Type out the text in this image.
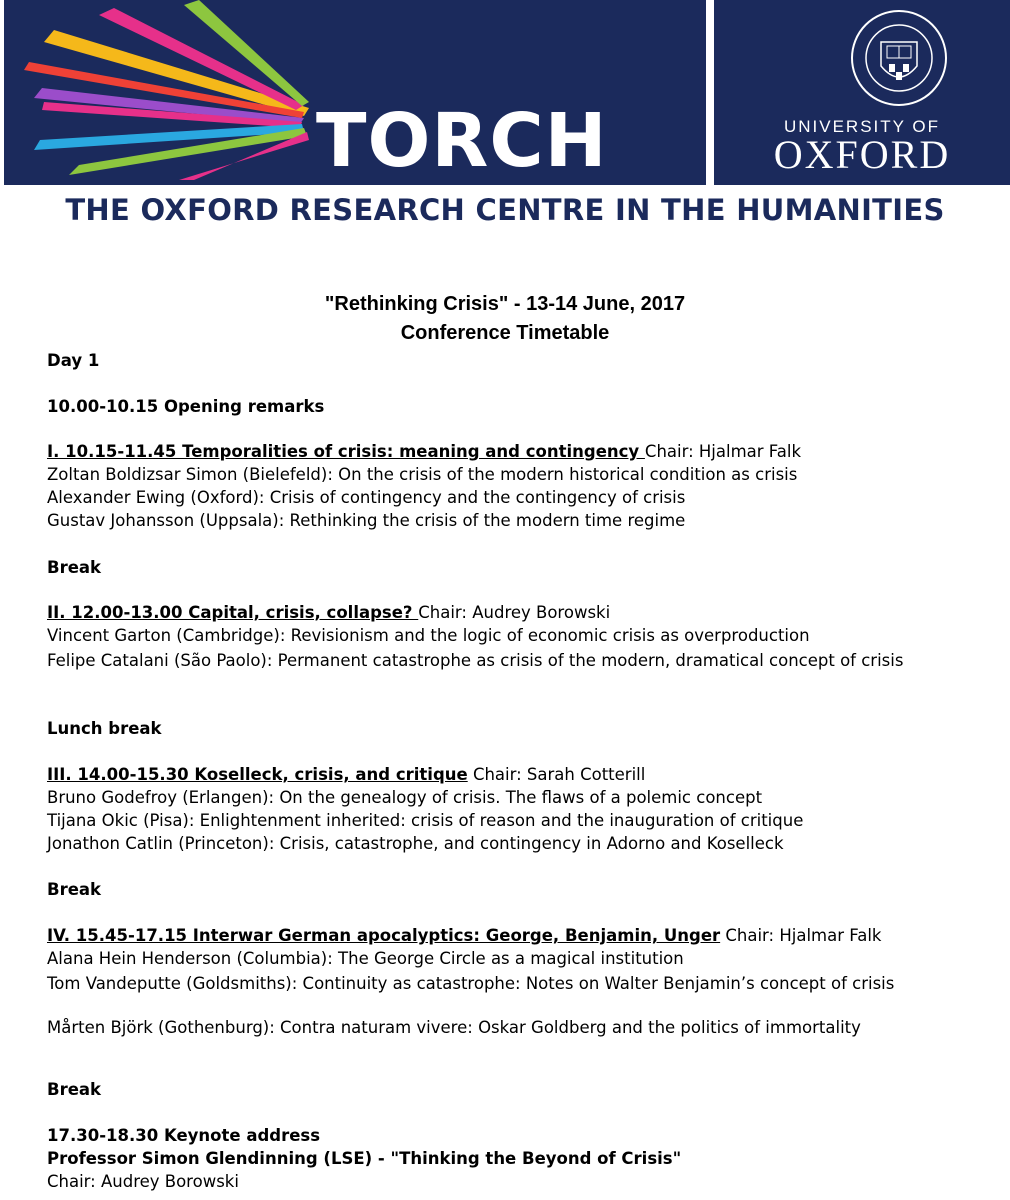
TORCH	UNIVERSITY OF
OXFORD
THE OXFORD RESEARCH CENTRE IN THE HUMANITIES
"Rethinking Crisis" - 13-14 June, 2017
Conference Timetable
Day 1
10.00-10.15 Opening remarks
I. 10.15-11.45 Temporalities of crisis: meaning and contingency Chair: Hjalmar Falk
Zoltan Boldizsar Simon (Bielefeld): On the crisis of the modern historical condition as crisis
Alexander Ewing (Oxford): Crisis of contingency and the contingency of crisis
Gustav Johansson (Uppsala): Rethinking the crisis of the modern time regime
Break
II. 12.00-13.00 Capital, crisis, collapse? Chair: Audrey Borowski
Vincent Garton (Cambridge): Revisionism and the logic of economic crisis as overproduction
Felipe Catalani (São Paolo): Permanent catastrophe as crisis of the modern, dramatical concept of crisis
Lunch break
III. 14.00-15.30 Koselleck, crisis, and critique Chair: Sarah Cotterill
Bruno Godefroy (Erlangen): On the genealogy of crisis. The flaws of a polemic concept
Tijana Okic (Pisa): Enlightenment inherited: crisis of reason and the inauguration of critique
Jonathon Catlin (Princeton): Crisis, catastrophe, and contingency in Adorno and Koselleck
Break
IV. 15.45-17.15 Interwar German apocalyptics: George, Benjamin, Unger Chair: Hjalmar Falk
Alana Hein Henderson (Columbia): The George Circle as a magical institution
Tom Vandeputte (Goldsmiths): Continuity as catastrophe: Notes on Walter Benjamin’s concept of crisis
Mårten Björk (Gothenburg): Contra naturam vivere: Oskar Goldberg and the politics of immortality
Break
17.30-18.30 Keynote address
Professor Simon Glendinning (LSE) - "Thinking the Beyond of Crisis"
Chair: Audrey Borowski
